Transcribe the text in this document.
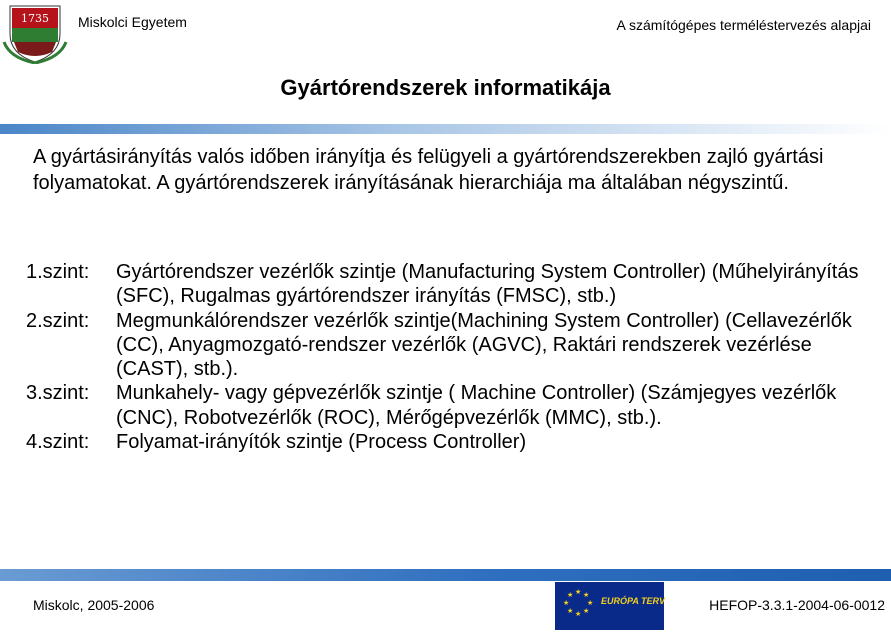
1735 Miskolci Egyetem	A számítógépes terméléstervezés alapjai
Gyártórendszerek informatikája
A gyártásirányítás valós időben irányítja és felügyeli a gyártórendszerekben zajló gyártási folyamatokat. A gyártórendszerek irányításának hierarchiája ma általában négyszintű.
1.szint:	Gyártórendszer vezérlők szintje (Manufacturing System Controller) (Műhelyirányítás (SFC), Rugalmas gyártórendszer irányítás (FMSC), stb.)
2.szint:	Megmunkálórendszer vezérlők szintje(Machining System Controller) (Cellavezérlők (CC), Anyagmozgató-rendszer vezérlők (AGVC), Raktári rendszerek vezérlése (CAST), stb.).
3.szint:	Munkahely- vagy gépvezérlők szintje ( Machine Controller) (Számjegyes vezérlők (CNC), Robotvezérlők (ROC), Mérőgépvezérlők (MMC), stb.).
4.szint:	Folyamat-irányítók szintje (Process Controller)
Miskolc, 2005-2006
★ ★
★
★
★
★
★
★
EURÓPA TERV	HEFOP-3.3.1-2004-06-0012
